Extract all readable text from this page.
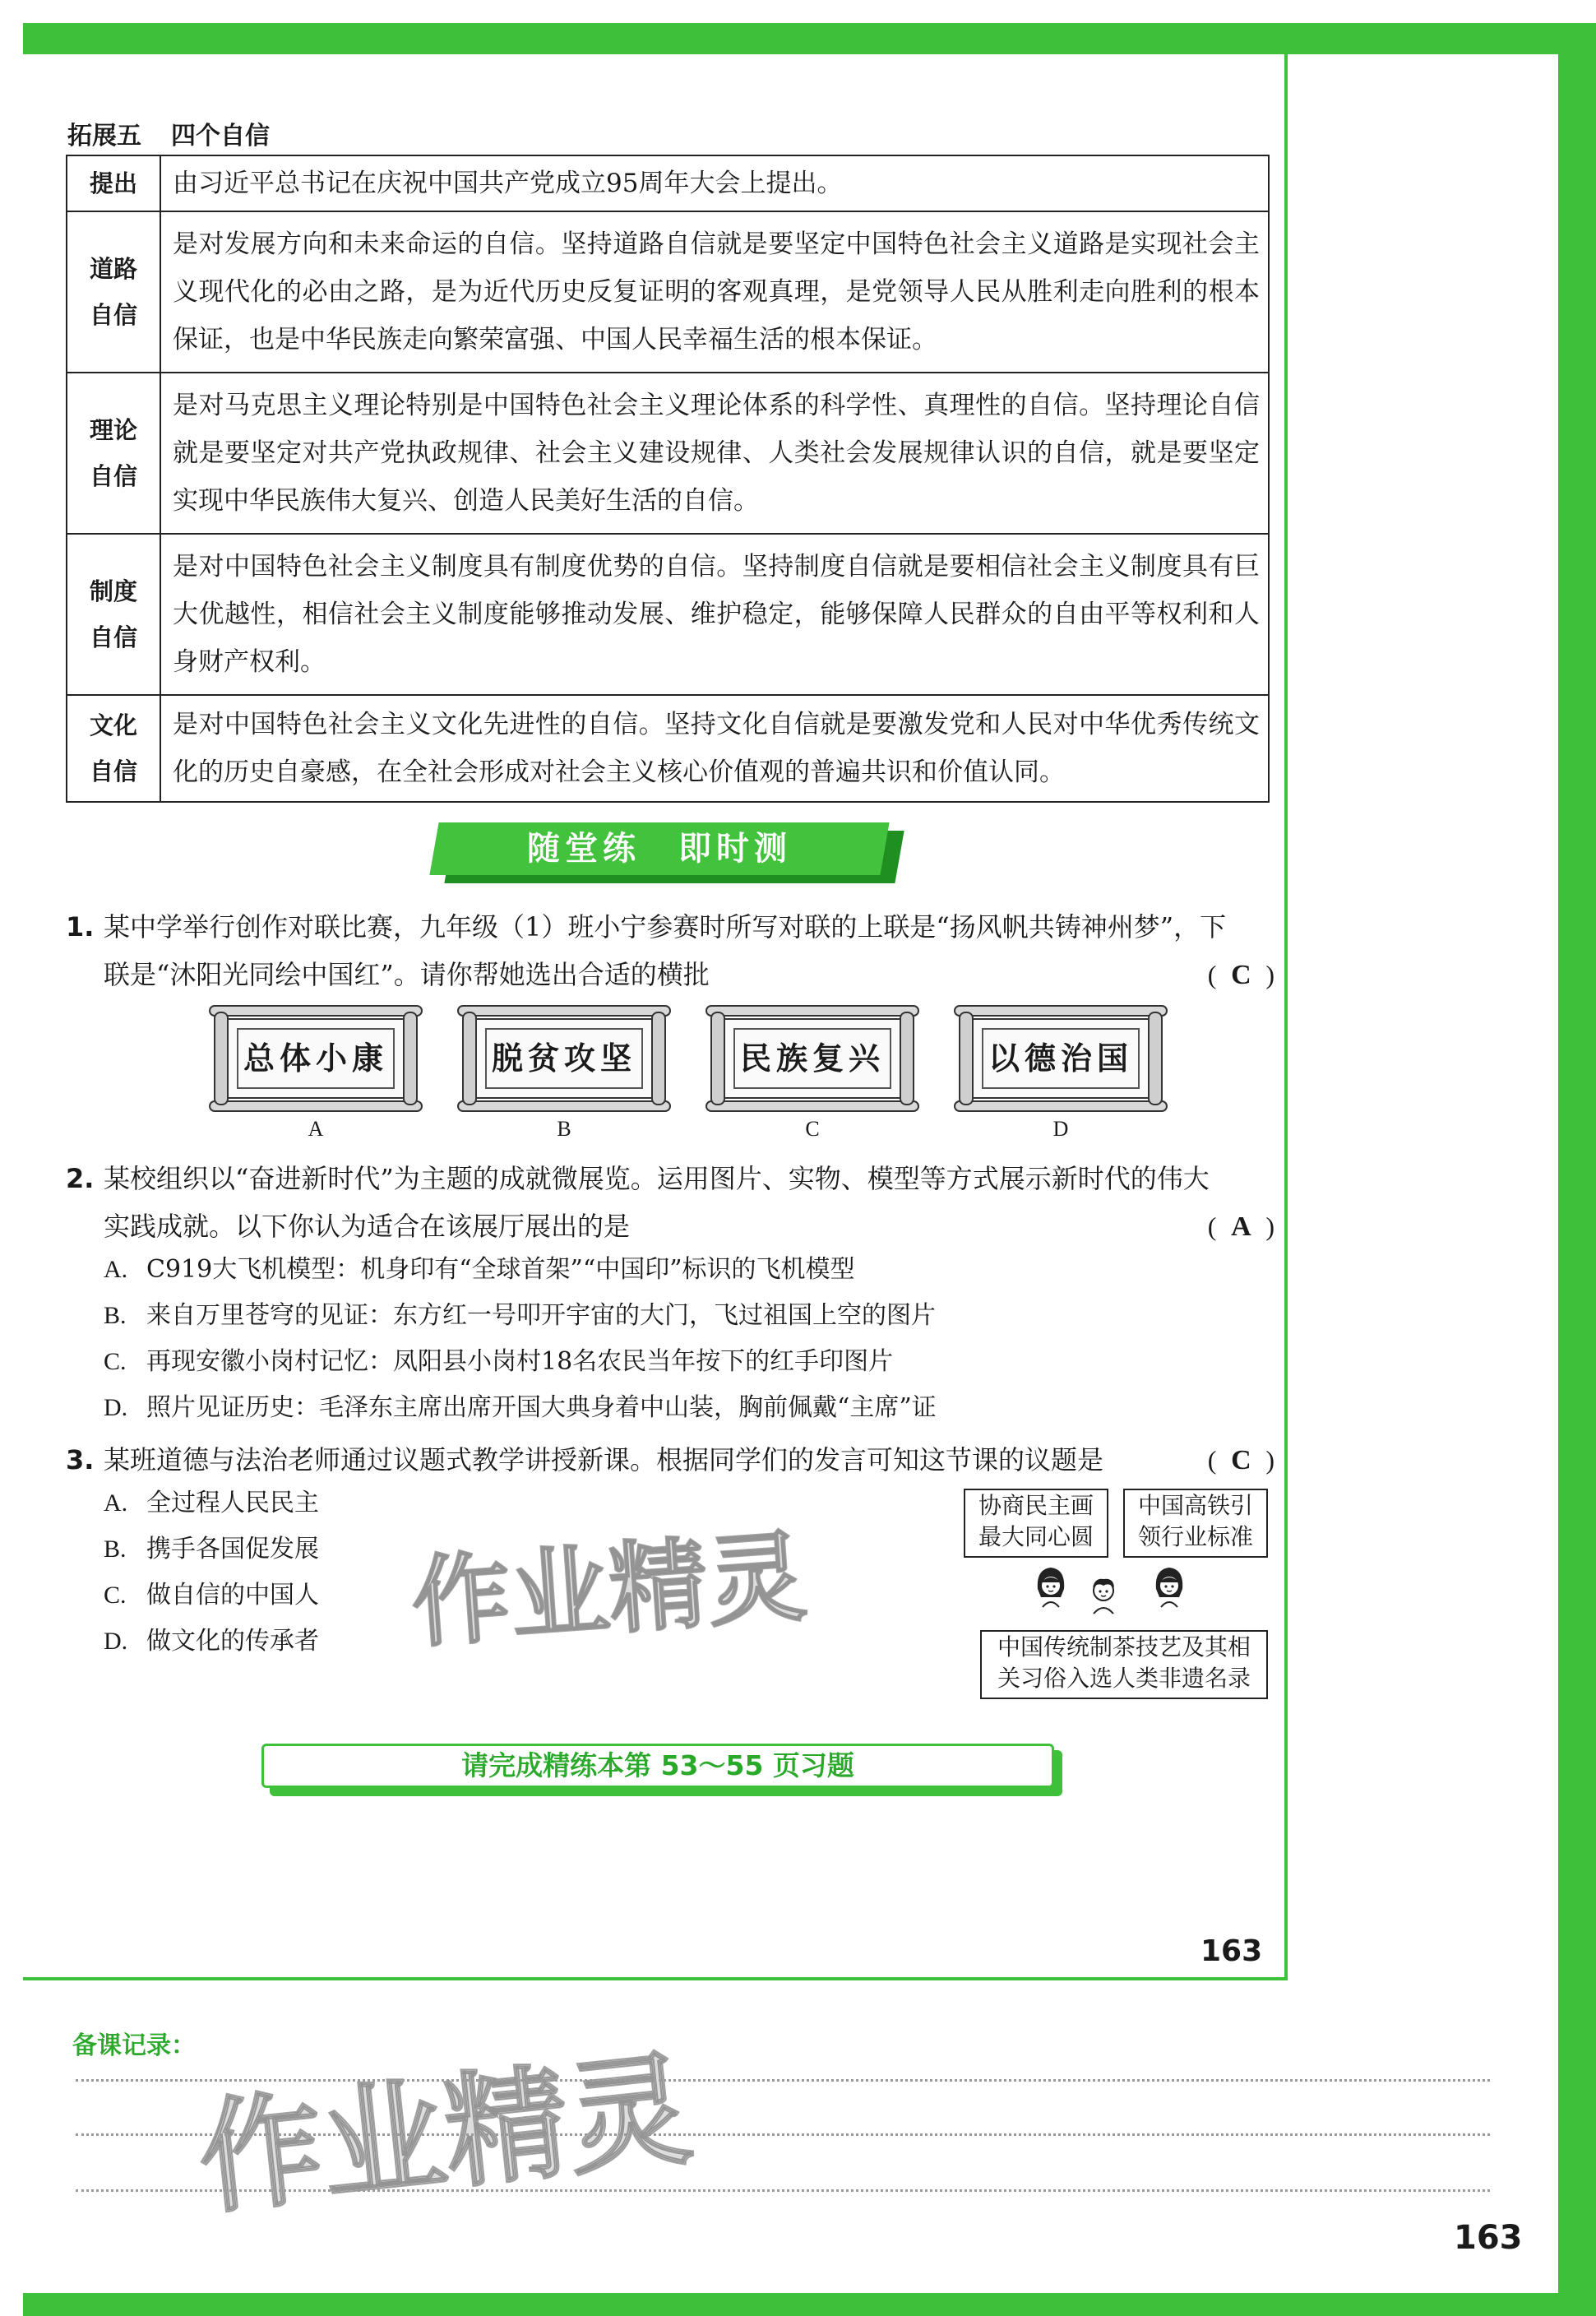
拓展五 四个自信
提出	由习近平总书记在庆祝中国共产党成立95周年大会上提出。

道路
自信	是对发展方向和未来命运的自信。坚持道路自信就是要坚定中国特色社会主义道路是实现社会主义现代化的必由之路，是为近代历史反复证明的客观真理，是党领导人民从胜利走向胜利的根本保证，也是中华民族走向繁荣富强、中国人民幸福生活的根本保证。

理论
自信	是对马克思主义理论特别是中国特色社会主义理论体系的科学性、真理性的自信。坚持理论自信就是要坚定对共产党执政规律、社会主义建设规律、人类社会发展规律认识的自信，就是要坚定实现中华民族伟大复兴、创造人民美好生活的自信。

制度
自信	是对中国特色社会主义制度具有制度优势的自信。坚持制度自信就是要相信社会主义制度具有巨大优越性，相信社会主义制度能够推动发展、维护稳定，能够保障人民群众的自由平等权利和人身财产权利。

文化
自信	是对中国特色社会主义文化先进性的自信。坚持文化自信就是要激发党和人民对中华优秀传统文化的历史自豪感，在全社会形成对社会主义核心价值观的普遍共识和价值认同。
随堂练　即时测
1. 某中学举行创作对联比赛，九年级（1）班小宁参赛时所写对联的上联是“扬风帆共铸神州梦”，下
联是“沐阳光同绘中国红”。请你帮她选出合适的横批	( C )
总体小康	脱贫攻坚	民族复兴	以德治国
A	B	C	D
2. 某校组织以“奋进新时代”为主题的成就微展览。运用图片、实物、模型等方式展示新时代的伟大
实践成就。以下你认为适合在该展厅展出的是	( A )
A. C919大飞机模型：机身印有“全球首架”“中国印”标识的飞机模型
B. 来自万里苍穹的见证：东方红一号叩开宇宙的大门，飞过祖国上空的图片
C. 再现安徽小岗村记忆：凤阳县小岗村18名农民当年按下的红手印图片
D. 照片见证历史：毛泽东主席出席开国大典身着中山装，胸前佩戴“主席”证
3. 某班道德与法治老师通过议题式教学讲授新课。根据同学们的发言可知这节课的议题是	( C )
A. 全过程人民民主
B. 携手各国促发展
C. 做自信的中国人
D. 做文化的传承者
协商民主画
最大同心圆
中国高铁引
领行业标准
中国传统制茶技艺及其相
关习俗入选人类非遗名录
作业精灵
作业精灵
请完成精练本第 53～55 页习题
163
备课记录：
163
